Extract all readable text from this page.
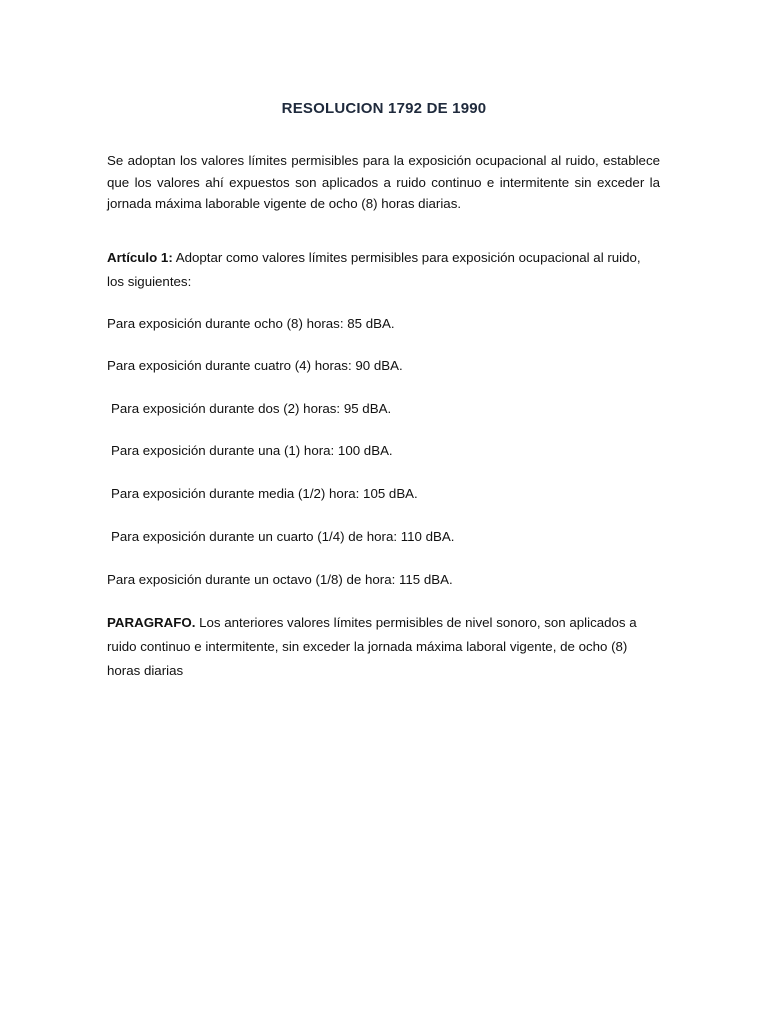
RESOLUCION 1792 DE 1990
Se adoptan los valores límites permisibles para la exposición ocupacional al ruido, establece que los valores ahí expuestos son aplicados a ruido continuo e intermitente sin exceder la jornada máxima laborable vigente de ocho (8) horas diarias.
Artículo 1: Adoptar como valores límites permisibles para exposición ocupacional al ruido, los siguientes:
Para exposición durante ocho (8) horas: 85 dBA.
Para exposición durante cuatro (4) horas: 90 dBA.
Para exposición durante dos (2) horas: 95 dBA.
Para exposición durante una (1) hora: 100 dBA.
Para exposición durante media (1/2) hora: 105 dBA.
Para exposición durante un cuarto (1/4) de hora: 110 dBA.
Para exposición durante un octavo (1/8) de hora: 115 dBA.
PARAGRAFO. Los anteriores valores límites permisibles de nivel sonoro, son aplicados a ruido continuo e intermitente, sin exceder la jornada máxima laboral vigente, de ocho (8) horas diarias
